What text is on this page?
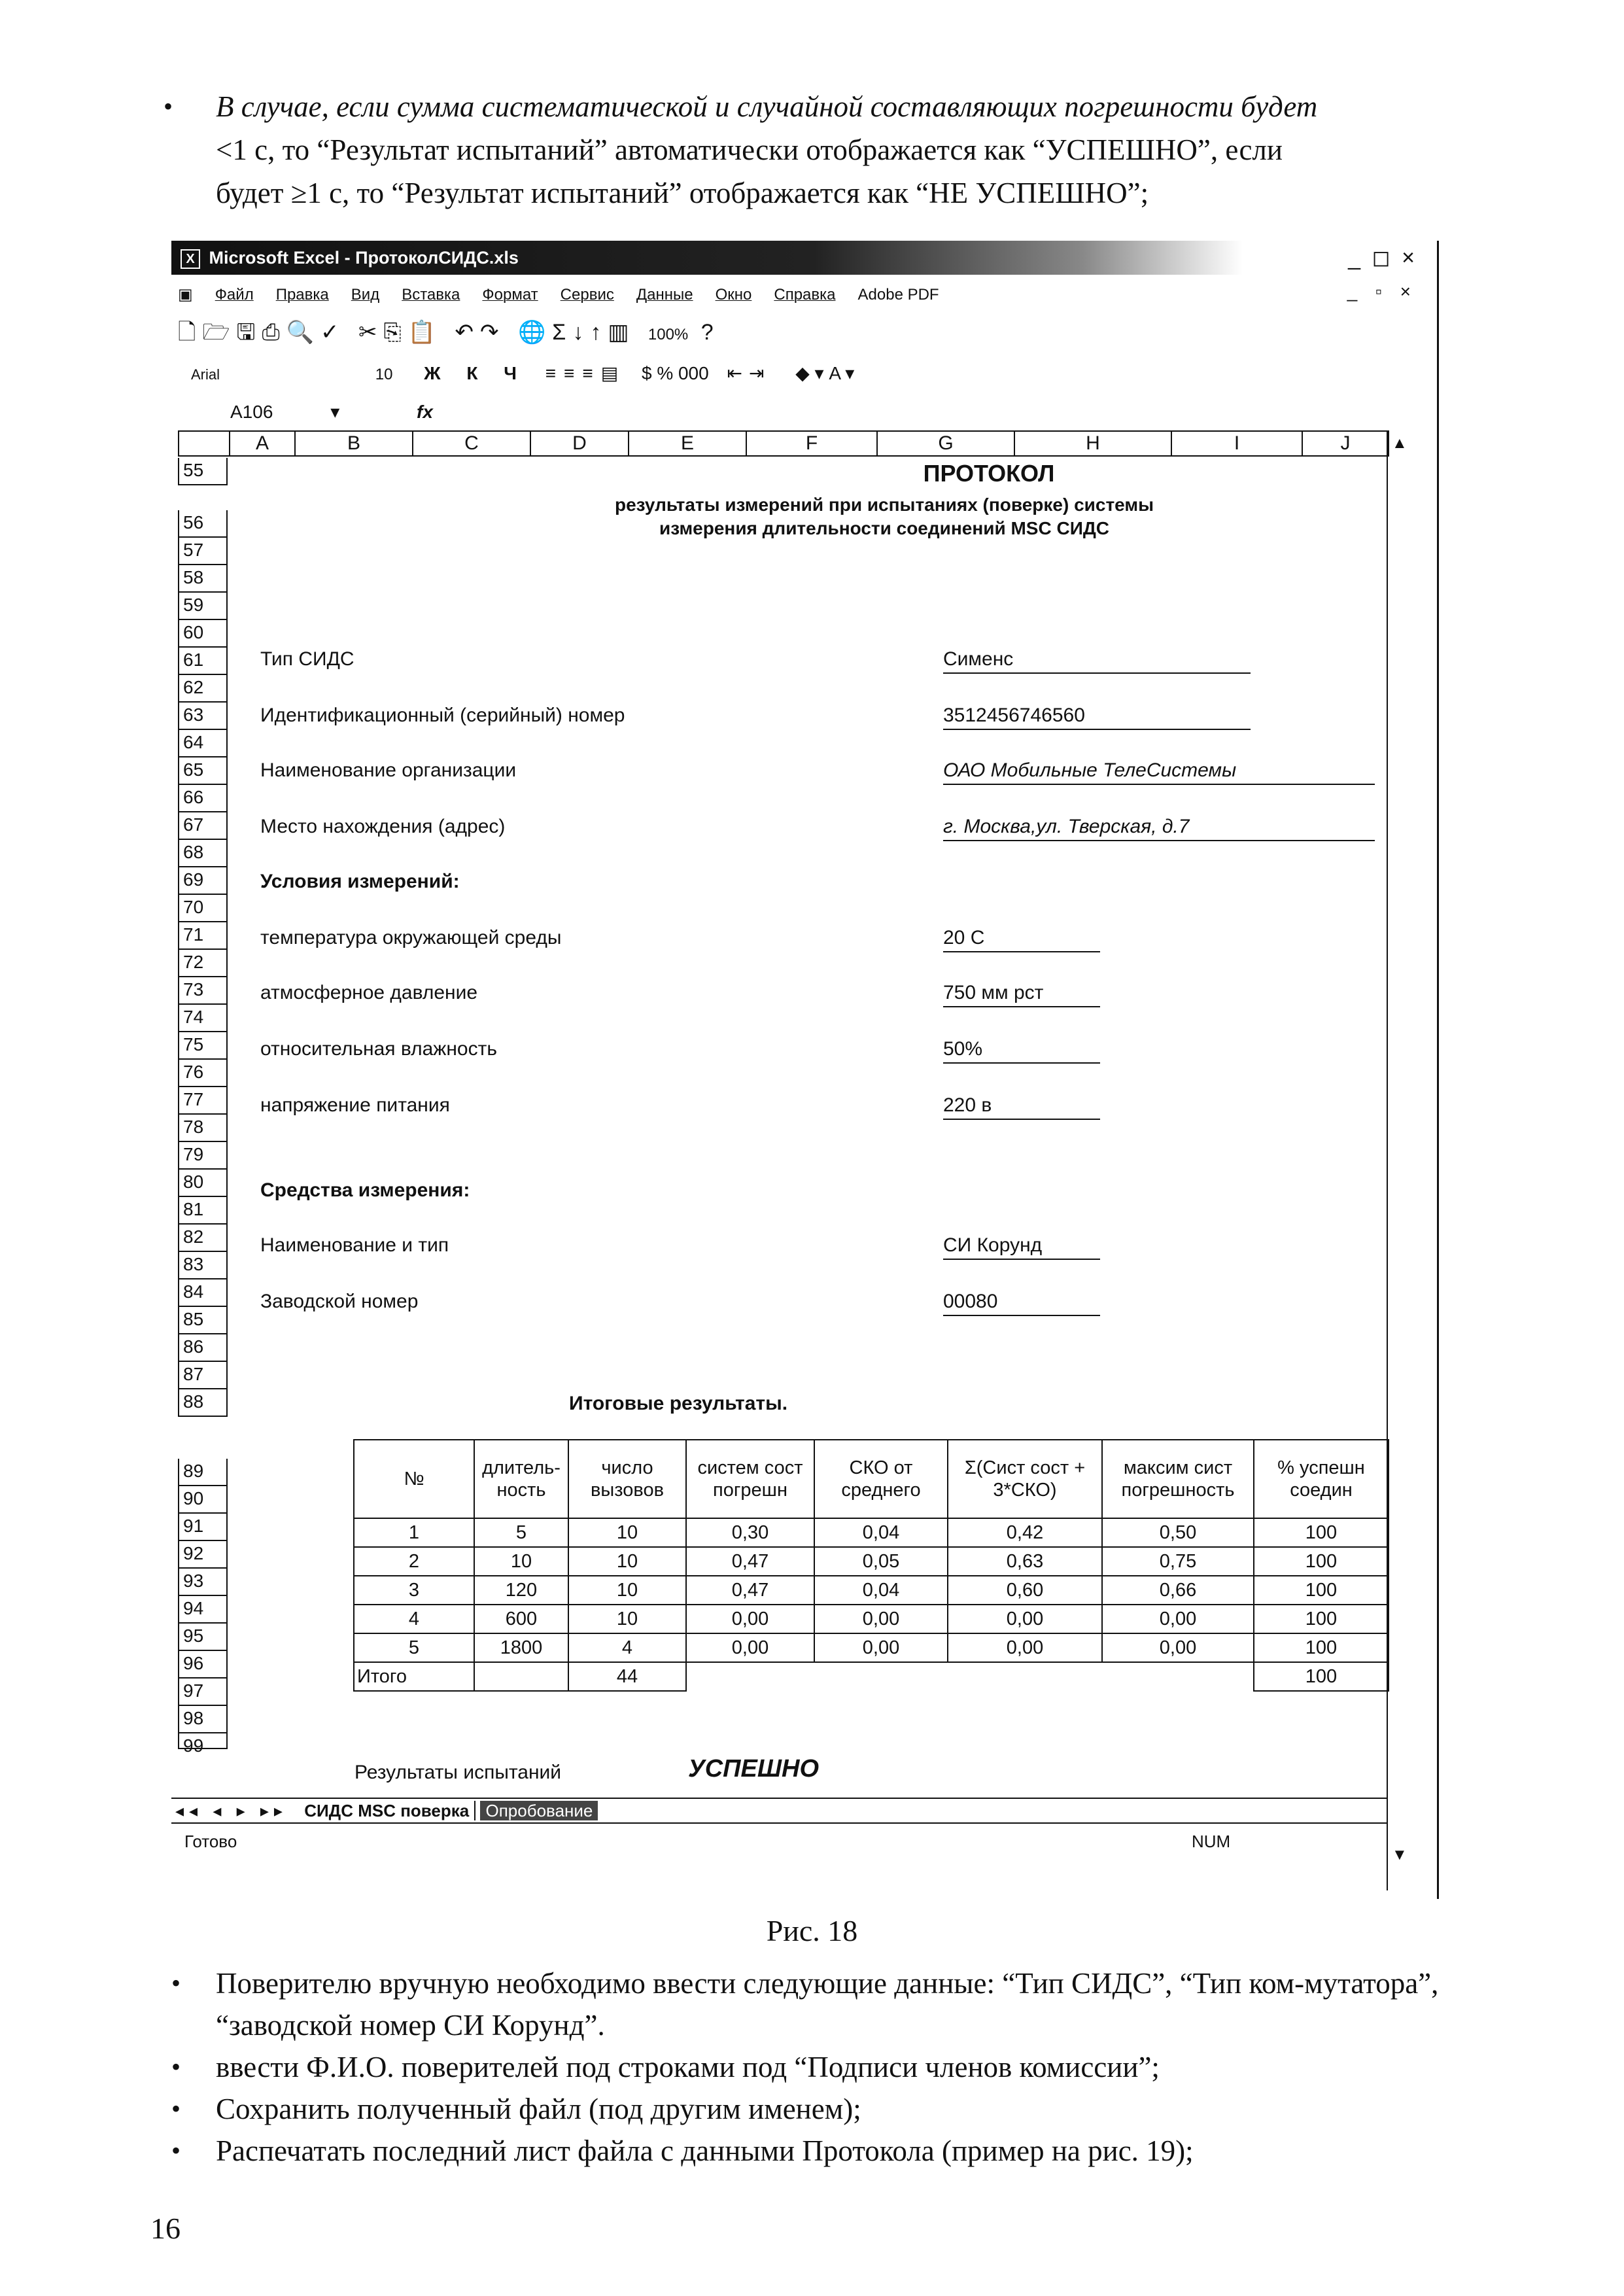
• В случае, если сумма систематической и случайной составляющих погрешности будет
<1 с, то “Результат испытаний” автоматически отображается как “УСПЕШНО”, если
будет ≥1 с, то “Результат испытаний” отображается как “НЕ УСПЕШНО”;
X Microsoft Excel - ПротоколСИДС.xls	_ ◻ ×
_ ▫ ×
▣ Файл Правка Вид Вставка Формат Сервис Данные Окно Справка Adobe PDF
🗋🗁🖫⎙🔍✓ ✂⎘📋 ↶↷ 🌐Σ↓↑▥ 100% ?
Arial	10 Ж К Ч ≡≡≡▤ $ % 000 ⇤⇥ ◆ ▾ A ▾
A106	▾	fx
A	B	C	D	E	F	G	H	I	J
55
56
57
58
59
60
61
62
63
64
65
66
67
68
69
70
71
72
73
74
75
76
77
78
79
80
81
82
83
84
85
86
87
88
89
90
91
92
93
94
95
96
97
98
99
▲
▼
ПРОТОКОЛ
результаты измерений при испытаниях (поверке) системы
измерения длительности соединений MSC СИДС
Тип СИДС	Сименс
Идентификационный (серийный) номер	3512456746560
Наименование организации	ОАО Мобильные ТелеСистемы
Место нахождения (адрес)	г. Москва,ул. Тверская, д.7
Условия измерений:
температура окружающей среды	20 С
атмосферное давление	750 мм рст
относительная влажность	50%
напряжение питания	220 в
Средства измерения:
Наименование и тип	СИ Корунд
Заводской номер	00080
Итоговые результаты.
№	длитель-ность	число вызовов	систем сост погрешн	СКО от среднего	Σ(Сист сост + 3*СКО)	максим сист погрешность	% успешн соедин
1	5	10	0,30	0,04	0,42	0,50	100
2	10	10	0,47	0,05	0,63	0,75	100
3	120	10	0,47	0,04	0,60	0,66	100
4	600	10	0,00	0,00	0,00	0,00	100
5	1800	4	0,00	0,00	0,00	0,00	100
Итого		44					100
Результаты испытаний	УСПЕШНО
◂◂ ◂ ▸ ▸▸ СИДС MSC поверка Опробование
Готово	NUM
Рис. 18
• Поверителю вручную необходимо ввести следующие данные: “Тип СИДС”, “Тип ком-мутатора”, “заводской номер СИ Корунд”.
• ввести Ф.И.О. поверителей под строками под “Подписи членов комиссии”;
• Сохранить полученный файл (под другим именем);
• Распечатать последний лист файла с данными Протокола (пример на рис. 19);
16
